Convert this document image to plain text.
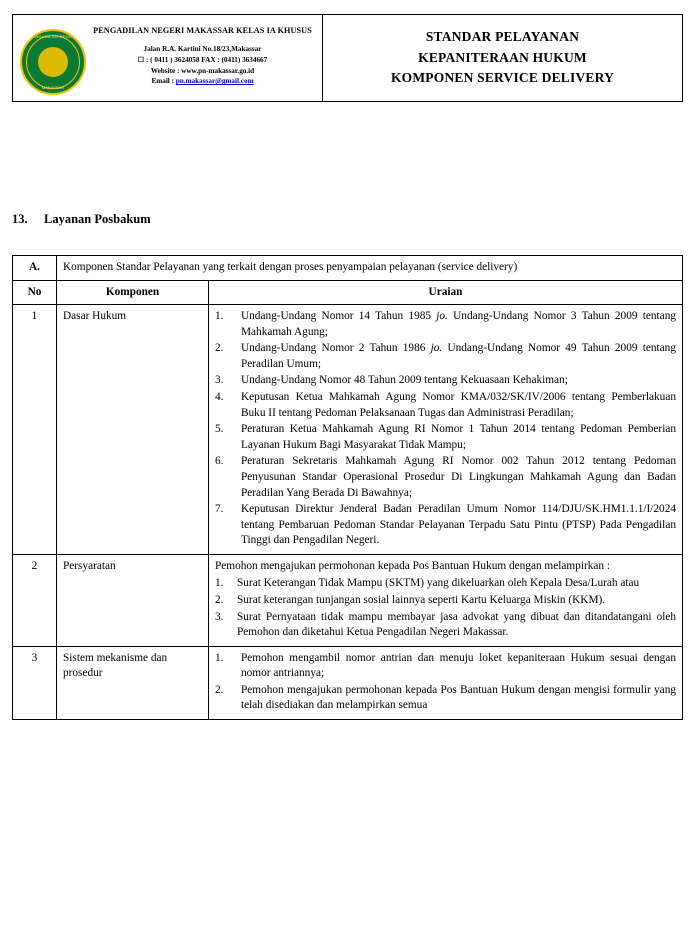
PENGADILAN NEGERI
MAKASSAR
PENGADILAN NEGERI MAKASSAR KELAS IA KHUSUS
Jalan R.A. Kartini No.18/23,Makassar
☐ : ( 0411 ) 3624058 FAX : (0411) 3634667
Website : www.pn-makassar.go.id
Email : pn.makassar@gmail.com
STANDAR PELAYANAN
KEPANITERAAN HUKUM
KOMPONEN SERVICE DELIVERY
13.	Layanan Posbakum
A.	Komponen Standar Pelayanan yang terkait dengan proses penyampaian pelayanan (service delivery)	
No	Komponen	Uraian
1	Dasar Hukum	1.	Undang-Undang Nomor 14 Tahun 1985 jo. Undang-Undang Nomor 3 Tahun 2009 tentang Mahkamah Agung;
2.	Undang-Undang Nomor 2 Tahun 1986 jo. Undang-Undang Nomor 49 Tahun 2009 tentang Peradilan Umum;
3.	Undang-Undang Nomor 48 Tahun 2009 tentang Kekuasaan Kehakiman;
4.	Keputusan Ketua Mahkamah Agung Nomor KMA/032/SK/IV/2006 tentang Pemberlakuan Buku II tentang Pedoman Pelaksanaan Tugas dan Administrasi Peradilan;
5.	Peraturan Ketua Mahkamah Agung RI Nomor 1 Tahun 2014 tentang Pedoman Pemberian Layanan Hukum Bagi Masyarakat Tidak Mampu;
6.	Peraturan Sekretaris Mahkamah Agung RI Nomor 002 Tahun 2012 tentang Pedoman Penyusunan Standar Operasional Prosedur Di Lingkungan Mahkamah Agung dan Badan Peradilan Yang Berada Di Bawahnya;
7.	Keputusan Direktur Jenderal Badan Peradilan Umum Nomor 114/DJU/SK.HM1.1.1/I/2024 tentang Pembaruan Pedoman Standar Pelayanan Terpadu Satu Pintu (PTSP) Pada Pengadilan Tinggi dan Pengadilan Negeri.

2	Persyaratan	Pemohon mengajukan permohonan kepada Pos Bantuan Hukum dengan melampirkan :
1.	Surat Keterangan Tidak Mampu (SKTM) yang dikeluarkan oleh Kepala Desa/Lurah atau
2.	Surat keterangan tunjangan sosial lainnya seperti Kartu Keluarga Miskin (KKM).
3.	Surat Pernyataan tidak mampu membayar jasa advokat yang dibuat dan ditandatangani oleh Pemohon dan diketahui Ketua Pengadilan Negeri Makassar.

3	Sistem mekanisme dan prosedur	
1.	Pemohon mengambil nomor antrian dan menuju loket kepaniteraan Hukum sesuai dengan nomor antriannya;
2.	Pemohon mengajukan permohonan kepada Pos Bantuan Hukum dengan mengisi formulir yang telah disediakan dan melampirkan semua
